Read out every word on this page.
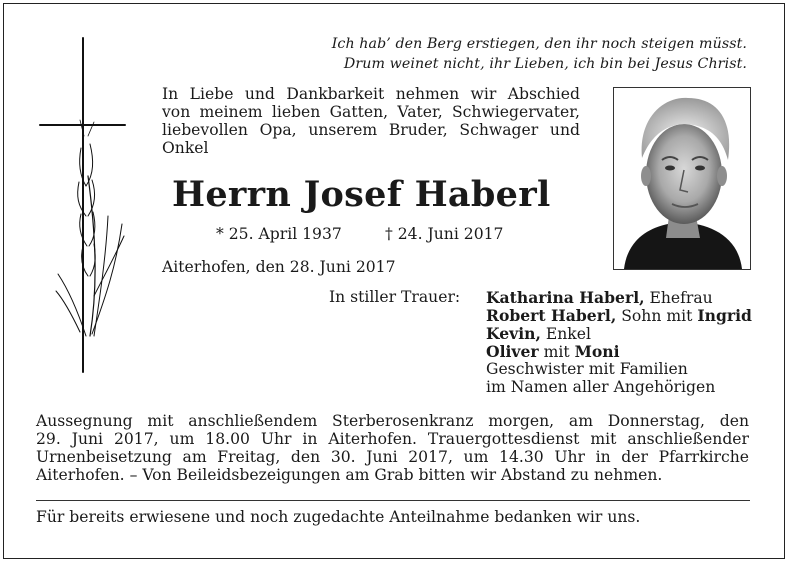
Ich hab’ den Berg erstiegen, den ihr noch steigen müsst.
Drum weinet nicht, ihr Lieben, ich bin bei Jesus Christ.
In Liebe und Dankbarkeit nehmen wir Abschied
von meinem lieben Gatten, Vater, Schwiegervater,
liebevollen Opa, unserem Bruder, Schwager und
Onkel
Herrn Josef Haberl
* 25. April 1937	† 24. Juni 2017
Aiterhofen, den 28. Juni 2017
In stiller Trauer: Katharina Haberl, Ehefrau
Robert Haberl, Sohn mit Ingrid
Kevin, Enkel
Oliver mit Moni
Geschwister mit Familien
im Namen aller Angehörigen
Aussegnung mit anschließendem Sterberosenkranz morgen, am Donnerstag, den
29. Juni 2017, um 18.00 Uhr in Aiterhofen. Trauergottesdienst mit anschließender
Urnenbeisetzung am Freitag, den 30. Juni 2017, um 14.30 Uhr in der Pfarrkirche
Aiterhofen. – Von Beileidsbezeigungen am Grab bitten wir Abstand zu nehmen.
Für bereits erwiesene und noch zugedachte Anteilnahme bedanken wir uns.
